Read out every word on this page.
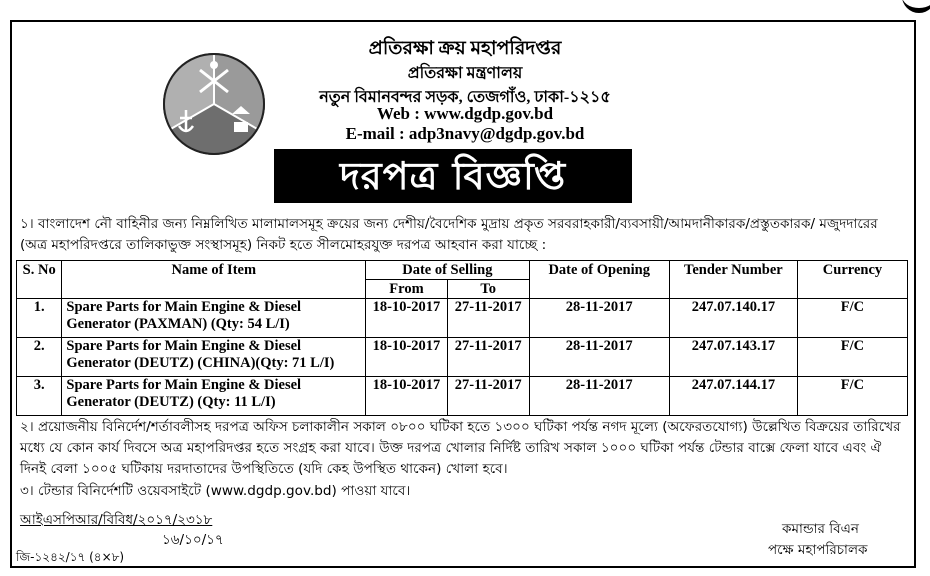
প্রতিরক্ষা ক্রয় মহাপরিদপ্তর
প্রতিরক্ষা মন্ত্রণালয়
নতুন বিমানবন্দর সড়ক, তেজগাঁও, ঢাকা-১২১৫
Web : www.dgdp.gov.bd
E-mail : adp3navy@dgdp.gov.bd
দরপত্র বিজ্ঞপ্তি
১। বাংলাদেশ নৌ বাহিনীর জন্য নিম্নলিখিত মালামালসমূহ ক্রয়ের জন্য দেশীয়/বৈদেশিক মুদ্রায় প্রকৃত সরবরাহকারী/ব্যবসায়ী/আমদানীকারক/প্রস্তুতকারক/ মজুদদারের (অত্র মহাপরিদপ্তরে তালিকাভুক্ত সংস্থাসমূহ) নিকট হতে সীলমোহরযুক্ত দরপত্র আহবান করা যাচ্ছে :
S. No	Name of Item	Date of Selling		Date of Opening	Tender Number	Currency
		From	To			
1.	Spare Parts for Main Engine & Diesel Generator (PAXMAN) (Qty: 54 L/I)	18-10-2017	27-11-2017	28-11-2017	247.07.140.17	F/C
2.	Spare Parts for Main Engine & Diesel Generator (DEUTZ) (CHINA)(Qty: 71 L/I)	18-10-2017	27-11-2017	28-11-2017	247.07.143.17	F/C
3.	Spare Parts for Main Engine & Diesel Generator (DEUTZ) (Qty: 11 L/I)	18-10-2017	27-11-2017	28-11-2017	247.07.144.17	F/C
২। প্রয়োজনীয় বিনির্দেশ/শর্তাবলীসহ দরপত্র অফিস চলাকালীন সকাল ০৮০০ ঘটিকা হতে ১৩০০ ঘটিকা পর্যন্ত নগদ মূল্যে (অফেরতযোগ্য) উল্লেখিত বিক্রয়ের তারিখের মধ্যে যে কোন কার্য দিবসে অত্র মহাপরিদপ্তর হতে সংগ্রহ করা যাবে। উক্ত দরপত্র খোলার নির্দিষ্ট তারিখ সকাল ১০০০ ঘটিকা পর্যন্ত টেন্ডার বাক্সে ফেলা যাবে এবং ঐ দিনই বেলা ১০০৫ ঘটিকায় দরদাতাদের উপস্থিতিতে (যদি কেহ উপস্থিত থাকেন) খোলা হবে।
৩। টেন্ডার বিনির্দেশটি ওয়েবসাইটে (www.dgdp.gov.bd) পাওয়া যাবে।
আইএসপিআর/বিবিধ/২০১৭/২৩১৮
১৬/১০/১৭
কমান্ডার বিএন
পক্ষে মহাপরিচালক
জি-১২৪২/১৭ (৪×৮)
